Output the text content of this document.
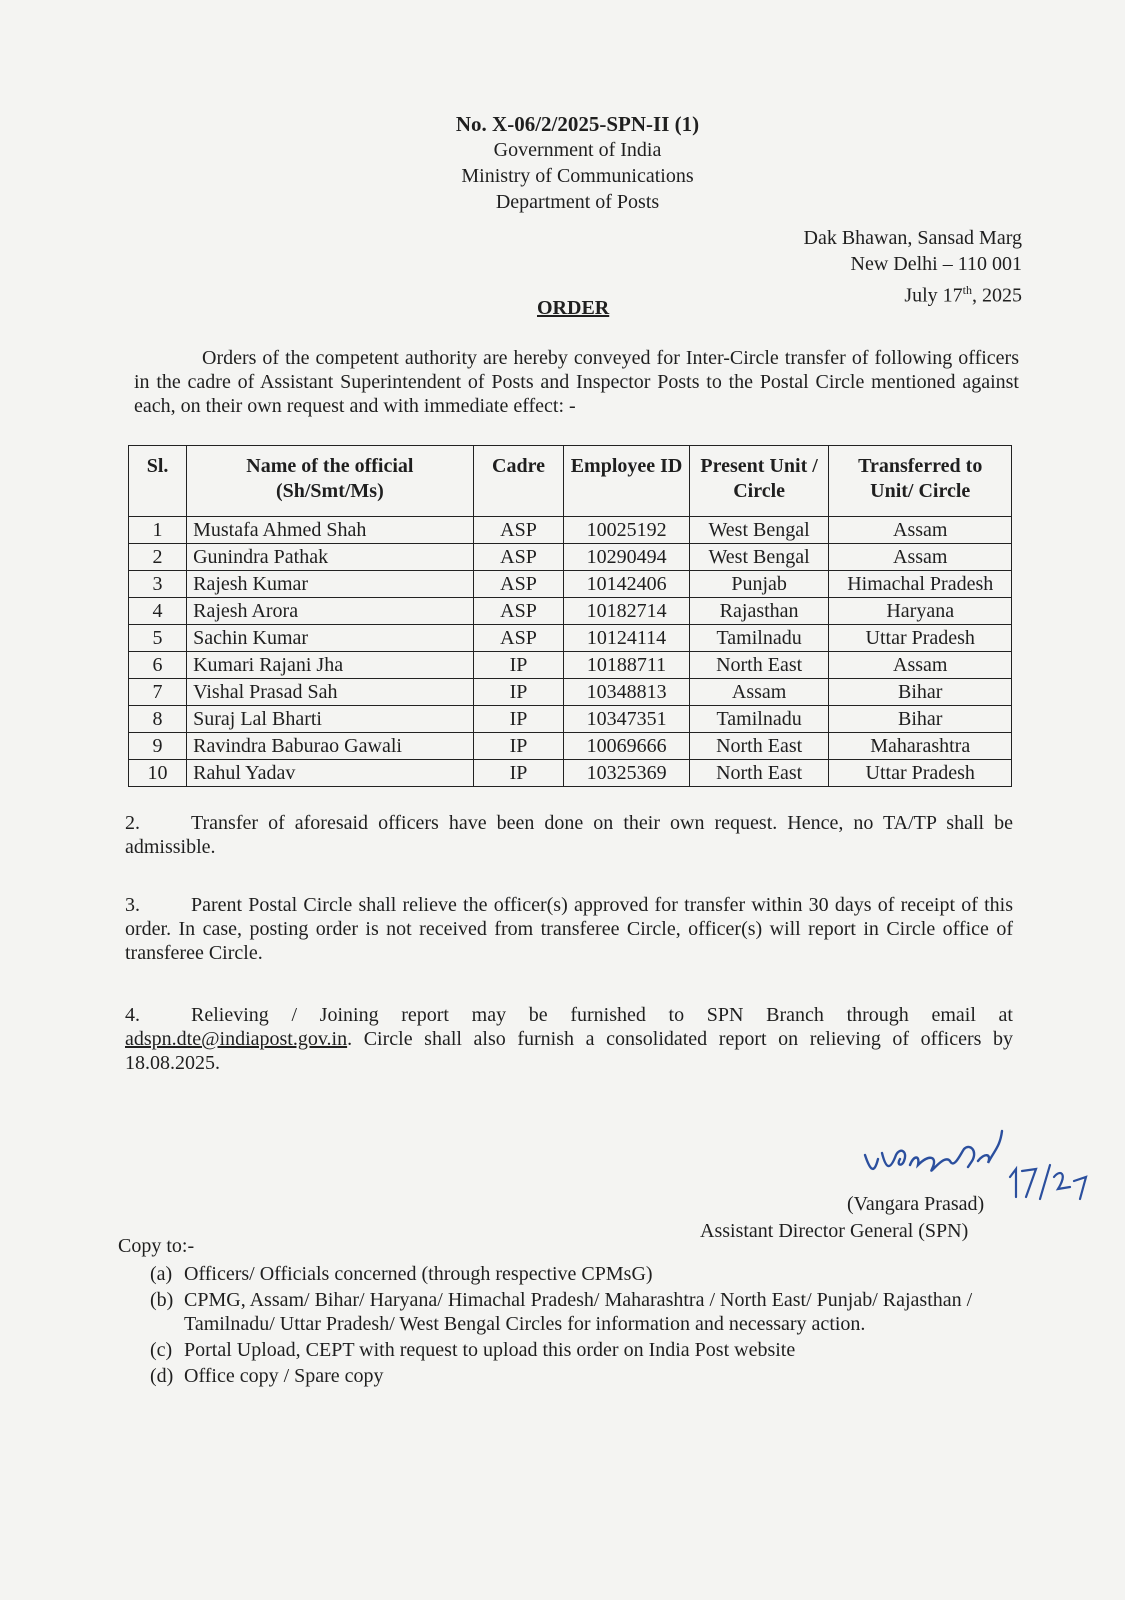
No. X-06/2/2025-SPN-II (1)
Government of India
Ministry of Communications
Department of Posts
Dak Bhawan, Sansad Marg
New Delhi – 110 001
July 17th, 2025
ORDER
Orders of the competent authority are hereby conveyed for Inter-Circle transfer of following officers in the cadre of Assistant Superintendent of Posts and Inspector Posts to the Postal Circle mentioned against each, on their own request and with immediate effect: -
Sl.	Name of the official (Sh/Smt/Ms)	Cadre	Employee ID	Present Unit / Circle	Transferred to Unit/ Circle
1	Mustafa Ahmed Shah	ASP	10025192	West Bengal	Assam
2	Gunindra Pathak	ASP	10290494	West Bengal	Assam
3	Rajesh Kumar	ASP	10142406	Punjab	Himachal Pradesh
4	Rajesh Arora	ASP	10182714	Rajasthan	Haryana
5	Sachin Kumar	ASP	10124114	Tamilnadu	Uttar Pradesh
6	Kumari Rajani Jha	IP	10188711	North East	Assam
7	Vishal Prasad Sah	IP	10348813	Assam	Bihar
8	Suraj Lal Bharti	IP	10347351	Tamilnadu	Bihar
9	Ravindra Baburao Gawali	IP	10069666	North East	Maharashtra
10	Rahul Yadav	IP	10325369	North East	Uttar Pradesh
2.	Transfer of aforesaid officers have been done on their own request. Hence, no TA/TP shall be admissible.
3.	Parent Postal Circle shall relieve the officer(s) approved for transfer within 30 days of receipt of this order. In case, posting order is not received from transferee Circle, officer(s) will report in Circle office of transferee Circle.
4.	Relieving / Joining report may be furnished to SPN Branch through email at adspn.dte@indiapost.gov.in. Circle shall also furnish a consolidated report on relieving of officers by 18.08.2025.
(Vangara Prasad)
Assistant Director General (SPN)
Copy to:-
(a) Officers/ Officials concerned (through respective CPMsG)
(b) CPMG, Assam/ Bihar/ Haryana/ Himachal Pradesh/ Maharashtra / North East/ Punjab/ Rajasthan / Tamilnadu/ Uttar Pradesh/ West Bengal Circles for information and necessary action.
(c) Portal Upload, CEPT with request to upload this order on India Post website
(d) Office copy / Spare copy
